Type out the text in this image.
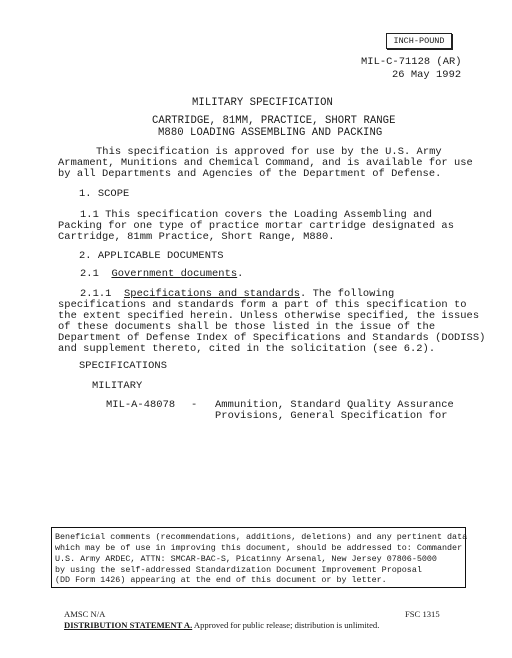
INCH-POUND
MIL-C-71128 (AR)
26 May 1992
MILITARY SPECIFICATION
CARTRIDGE, 81MM, PRACTICE, SHORT RANGE
M880 LOADING ASSEMBLING AND PACKING
This specification is approved for use by the U.S. Army
Armament, Munitions and Chemical Command, and is available for use
by all Departments and Agencies of the Department of Defense.
1. SCOPE
1.1 This specification covers the Loading Assembling and
Packing for one type of practice mortar cartridge designated as
Cartridge, 81mm Practice, Short Range, M880.
2. APPLICABLE DOCUMENTS
2.1 Government documents.
2.1.1 Specifications and standards. The following
specifications and standards form a part of this specification to
the extent specified herein. Unless otherwise specified, the issues
of these documents shall be those listed in the issue of the
Department of Defense Index of Specifications and Standards (DODISS)
and supplement thereto, cited in the solicitation (see 6.2).
SPECIFICATIONS
MILITARY
MIL-A-48078 - Ammunition, Standard Quality Assurance
Provisions, General Specification for
Beneficial comments (recommendations, additions, deletions) and any pertinent data
which may be of use in improving this document, should be addressed to: Commander
U.S. Army ARDEC, ATTN: SMCAR-BAC-S, Picatinny Arsenal, New Jersey 07806-5000
by using the self-addressed Standardization Document Improvement Proposal
(DD Form 1426) appearing at the end of this document or by letter.
AMSC N/A	FSC 1315
DISTRIBUTION STATEMENT A. Approved for public release; distribution is unlimited.
